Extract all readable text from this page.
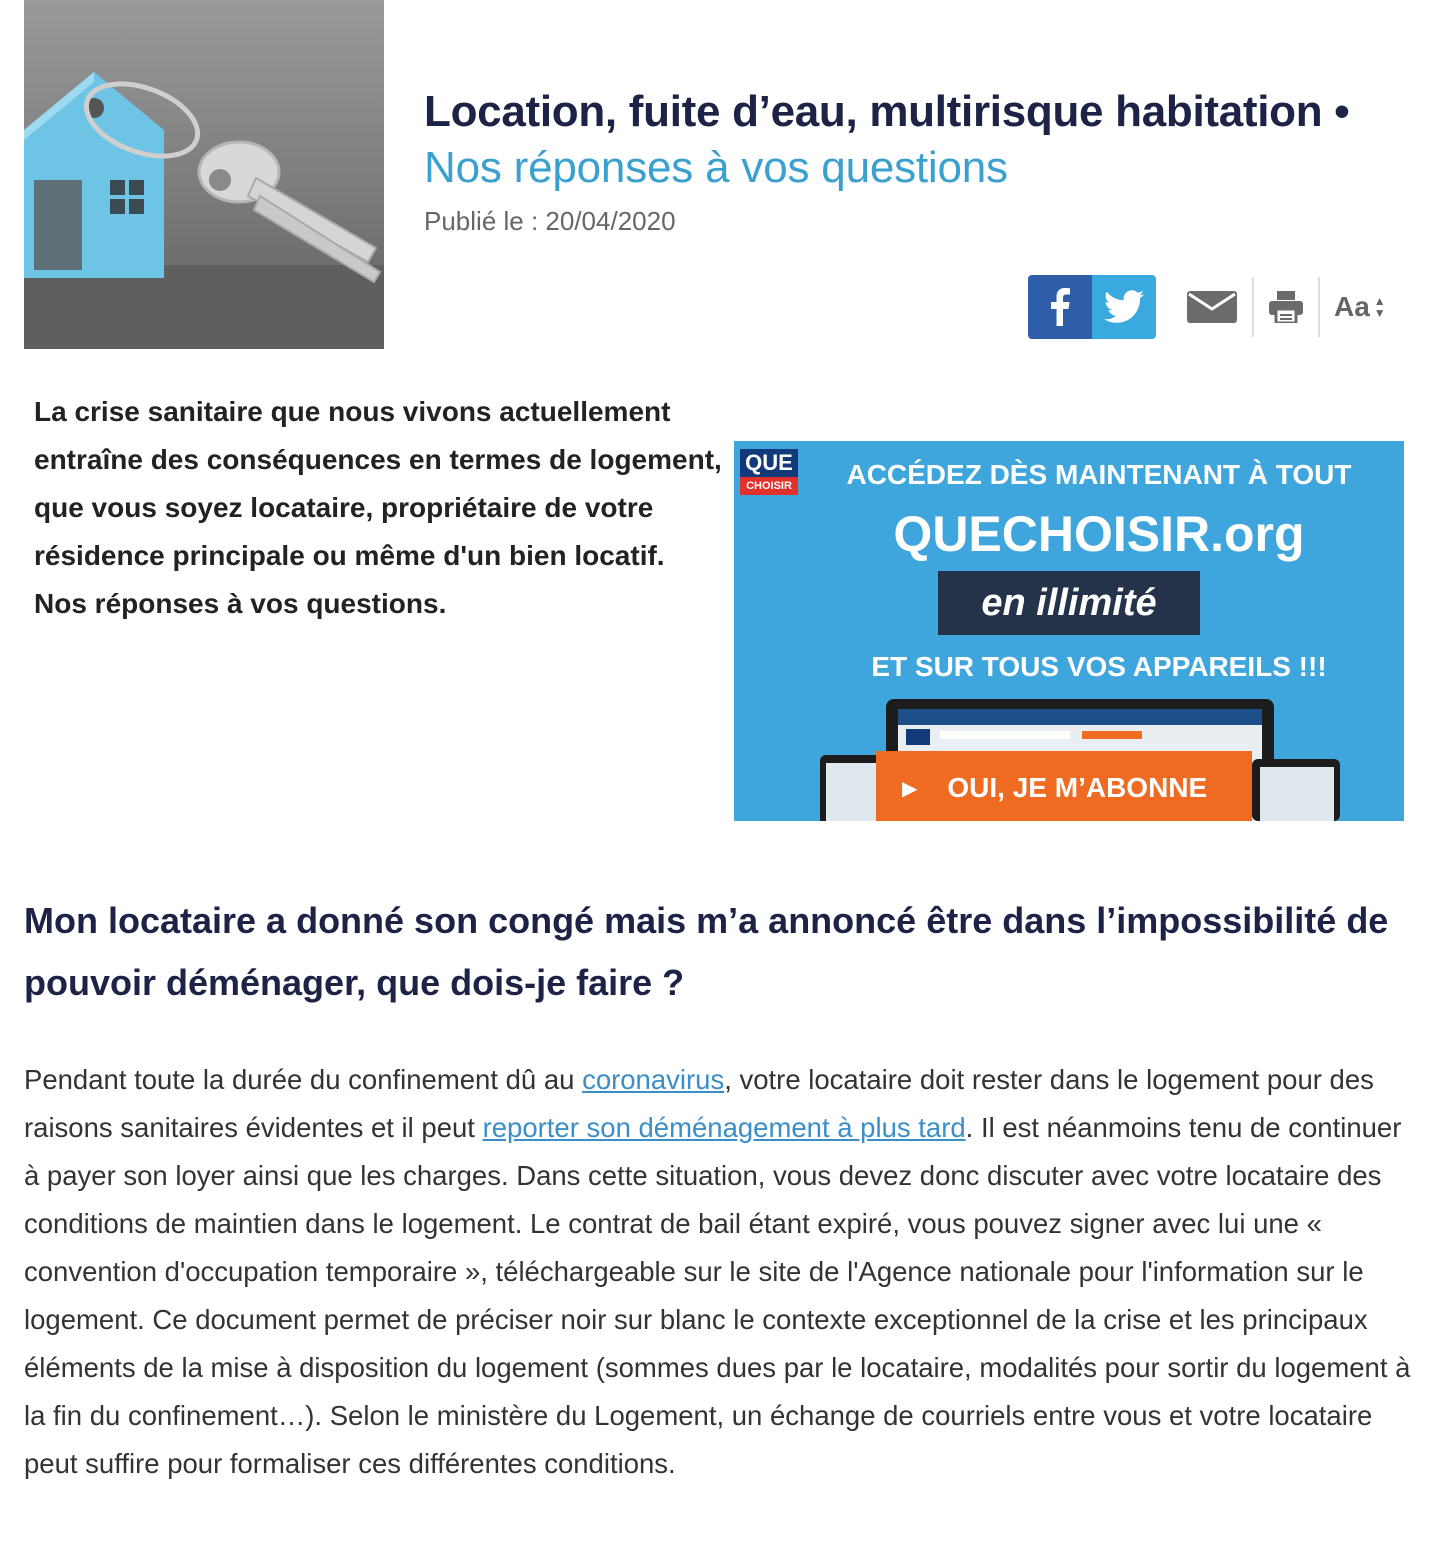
Location, fuite d’eau, multirisque habitation •
Nos réponses à vos questions
Publié le : 20/04/2020
Aa ▲
▼

La crise sanitaire que nous vivons actuellement entraîne des conséquences en termes de logement, que vous soyez locataire, propriétaire de votre résidence principale ou même d'un bien locatif. Nos réponses à vos questions.

QUE
CHOISIR	ACCÉDEZ DÈS MAINTENANT À TOUT
QUECHOISIR.org
en illimité
ET SUR TOUS VOS APPAREILS !!!
▶ OUI, JE M’ABONNE
Mon locataire a donné son congé mais m’a annoncé être dans l’impossibilité de pouvoir déménager, que dois-je faire ?

Pendant toute la durée du confinement dû au coronavirus, votre locataire doit rester dans le logement pour des raisons sanitaires évidentes et il peut reporter son déménagement à plus tard. Il est néanmoins tenu de continuer à payer son loyer ainsi que les charges. Dans cette situation, vous devez donc discuter avec votre locataire des conditions de maintien dans le logement. Le contrat de bail étant expiré, vous pouvez signer avec lui une « convention d'occupation temporaire », téléchargeable sur le site de l'Agence nationale pour l'information sur le logement. Ce document permet de préciser noir sur blanc le contexte exceptionnel de la crise et les principaux éléments de la mise à disposition du logement (sommes dues par le locataire, modalités pour sortir du logement à la fin du confinement…). Selon le ministère du Logement, un échange de courriels entre vous et votre locataire peut suffire pour formaliser ces différentes conditions.
